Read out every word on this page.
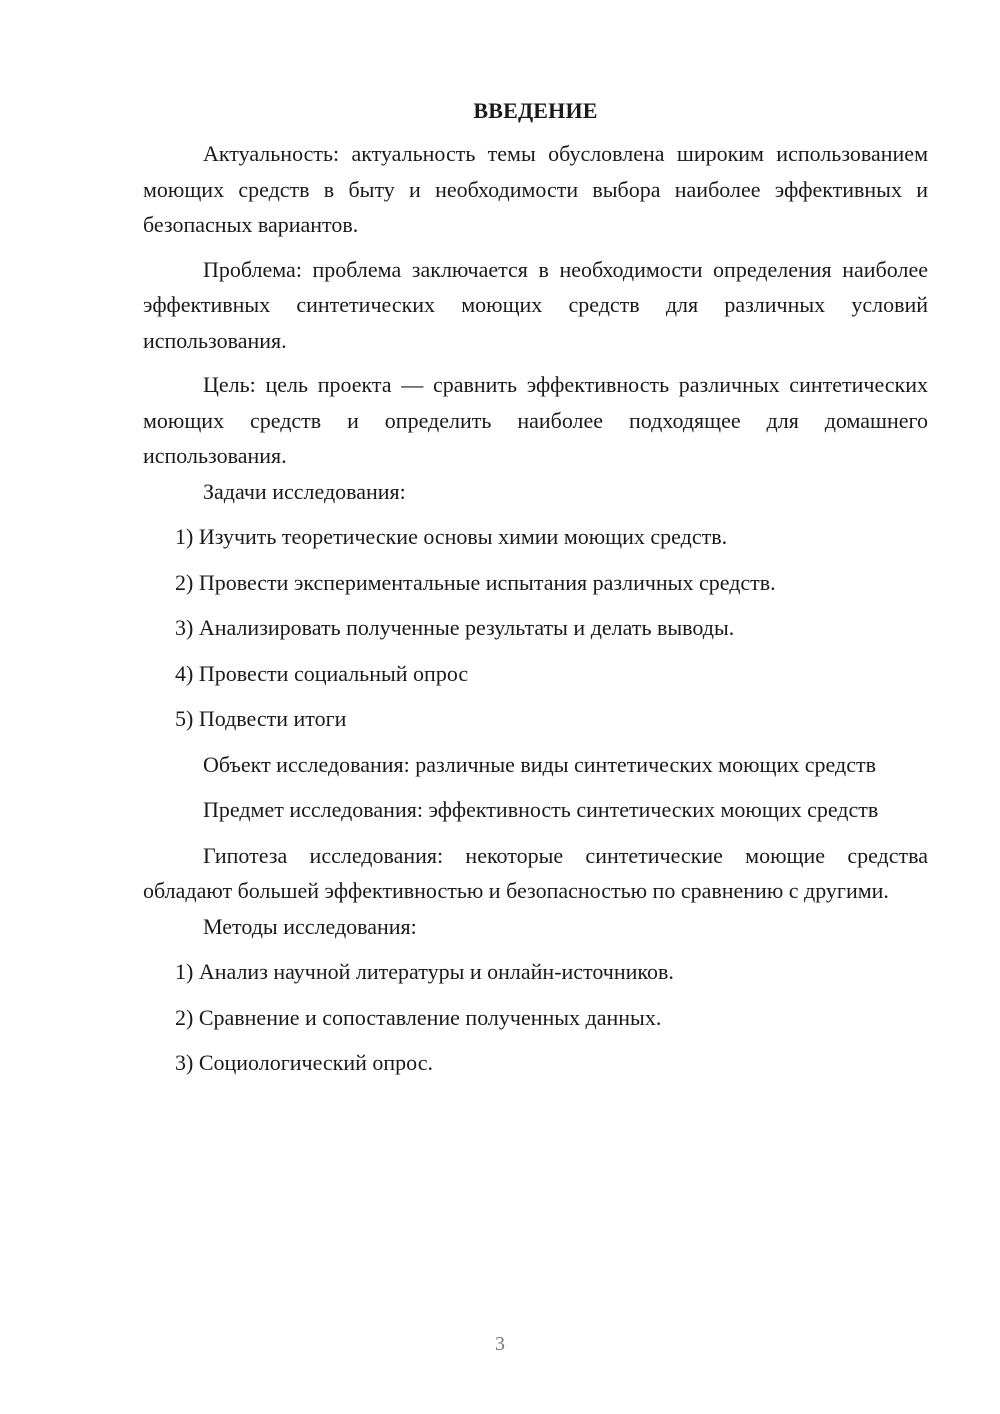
ВВЕДЕНИЕ

Актуальность: актуальность темы обусловлена широким использованием моющих средств в быту и необходимости выбора наиболее эффективных и безопасных вариантов.

Проблема: проблема заключается в необходимости определения наиболее эффективных синтетических моющих средств для различных условий использования.

Цель: цель проекта — сравнить эффективность различных синтетических моющих средств и определить наиболее подходящее для домашнего использования.

Задачи исследования:

1) Изучить теоретические основы химии моющих средств.

2) Провести экспериментальные испытания различных средств.

3) Анализировать полученные результаты и делать выводы.

4) Провести социальный опрос

5) Подвести итоги

Объект исследования: различные виды синтетических моющих средств

Предмет исследования: эффективность синтетических моющих средств

Гипотеза исследования: некоторые синтетические моющие средства обладают большей эффективностью и безопасностью по сравнению с другими.

Методы исследования:

1) Анализ научной литературы и онлайн-источников.

2) Сравнение и сопоставление полученных данных.

3) Социологический опрос.

3
